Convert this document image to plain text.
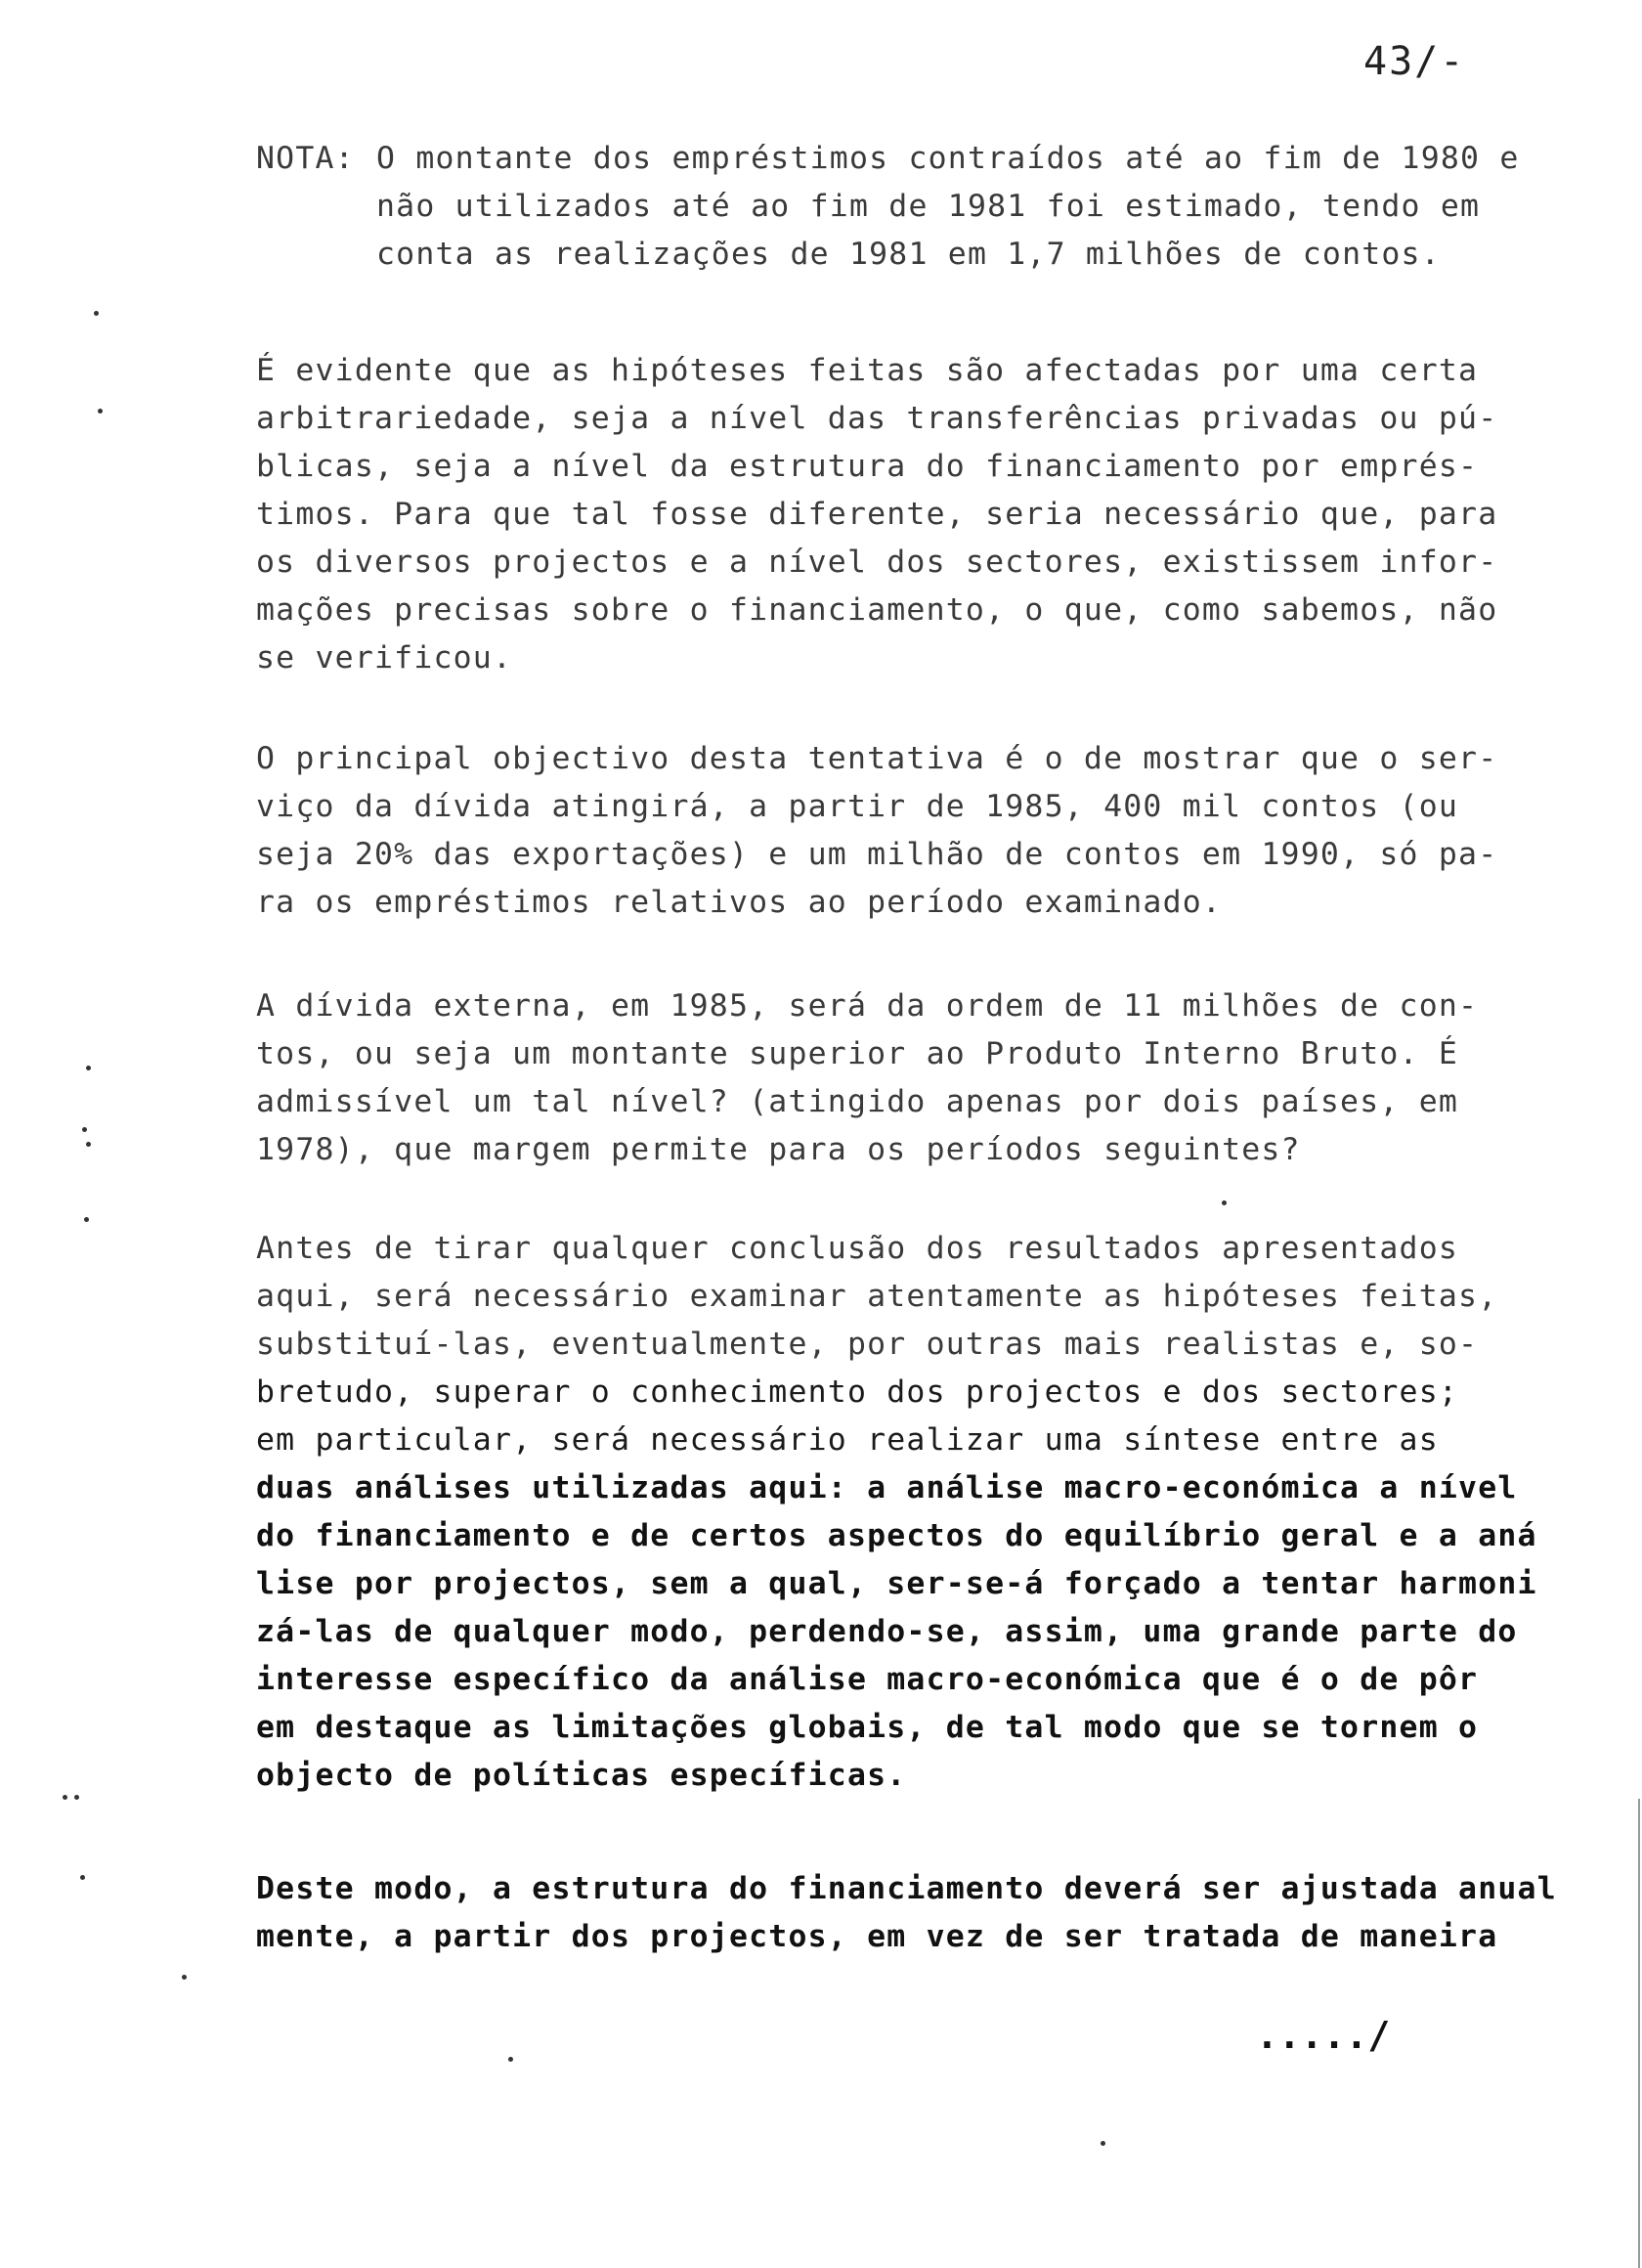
43/-
NOTA: O montante dos empréstimos contraídos até ao fim de 1980 e
não utilizados até ao fim de 1981 foi estimado, tendo em
conta as realizações de 1981 em 1,7 milhões de contos.
É evidente que as hipóteses feitas são afectadas por uma certa
arbitrariedade, seja a nível das transferências privadas ou pú-
blicas, seja a nível da estrutura do financiamento por emprés-
timos. Para que tal fosse diferente, seria necessário que, para
os diversos projectos e a nível dos sectores, existissem infor-
mações precisas sobre o financiamento, o que, como sabemos, não
se verificou.
O principal objectivo desta tentativa é o de mostrar que o ser-
viço da dívida atingirá, a partir de 1985, 400 mil contos (ou
seja 20% das exportações) e um milhão de contos em 1990, só pa-
ra os empréstimos relativos ao período examinado.
A dívida externa, em 1985, será da ordem de 11 milhões de con-
tos, ou seja um montante superior ao Produto Interno Bruto. É
admissível um tal nível? (atingido apenas por dois países, em
1978), que margem permite para os períodos seguintes?
Antes de tirar qualquer conclusão dos resultados apresentados
aqui, será necessário examinar atentamente as hipóteses feitas,
substituí-las, eventualmente, por outras mais realistas e, so-
bretudo, superar o conhecimento dos projectos e dos sectores;
em particular, será necessário realizar uma síntese entre as
duas análises utilizadas aqui: a análise macro-económica a nível
do financiamento e de certos aspectos do equilíbrio geral e a aná
lise por projectos, sem a qual, ser-se-á forçado a tentar harmoni
zá-las de qualquer modo, perdendo-se, assim, uma grande parte do
interesse específico da análise macro-económica que é o de pôr
em destaque as limitações globais, de tal modo que se tornem o
objecto de políticas específicas.
Deste modo, a estrutura do financiamento deverá ser ajustada anual
mente, a partir dos projectos, em vez de ser tratada de maneira
...../
